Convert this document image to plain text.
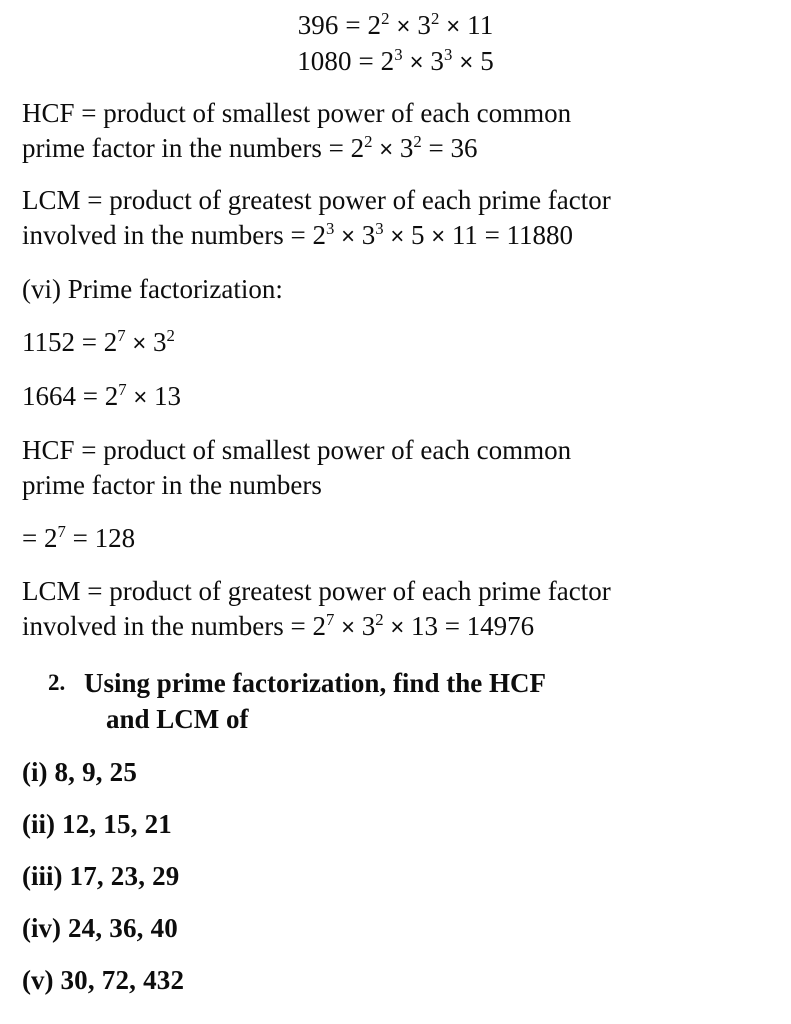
$396 = 2^2 \times 3^2 \times 11$
$1080 = 2^3 \times 3^3 \times 5$
HCF = product of smallest power of each common
prime factor in the numbers = $2^2 \times 3^2 = 36$
LCM = product of greatest power of each prime factor
involved in the numbers = $2^3 \times 3^3 \times 5 \times 11 = 11880$
(vi) Prime factorization:
$1152 = 2^7 \times 3^2$
$1664 = 2^7 \times 13$
HCF = product of smallest power of each common
prime factor in the numbers
= $2^7 = 128$
LCM = product of greatest power of each prime factor
involved in the numbers = $2^7 \times 3^2 \times 13 = 14976$
2. Using prime factorization, find the HCF
and LCM of
(i) 8, 9, 25
(ii) 12, 15, 21
(iii) 17, 23, 29
(iv) 24, 36, 40
(v) 30, 72, 432
